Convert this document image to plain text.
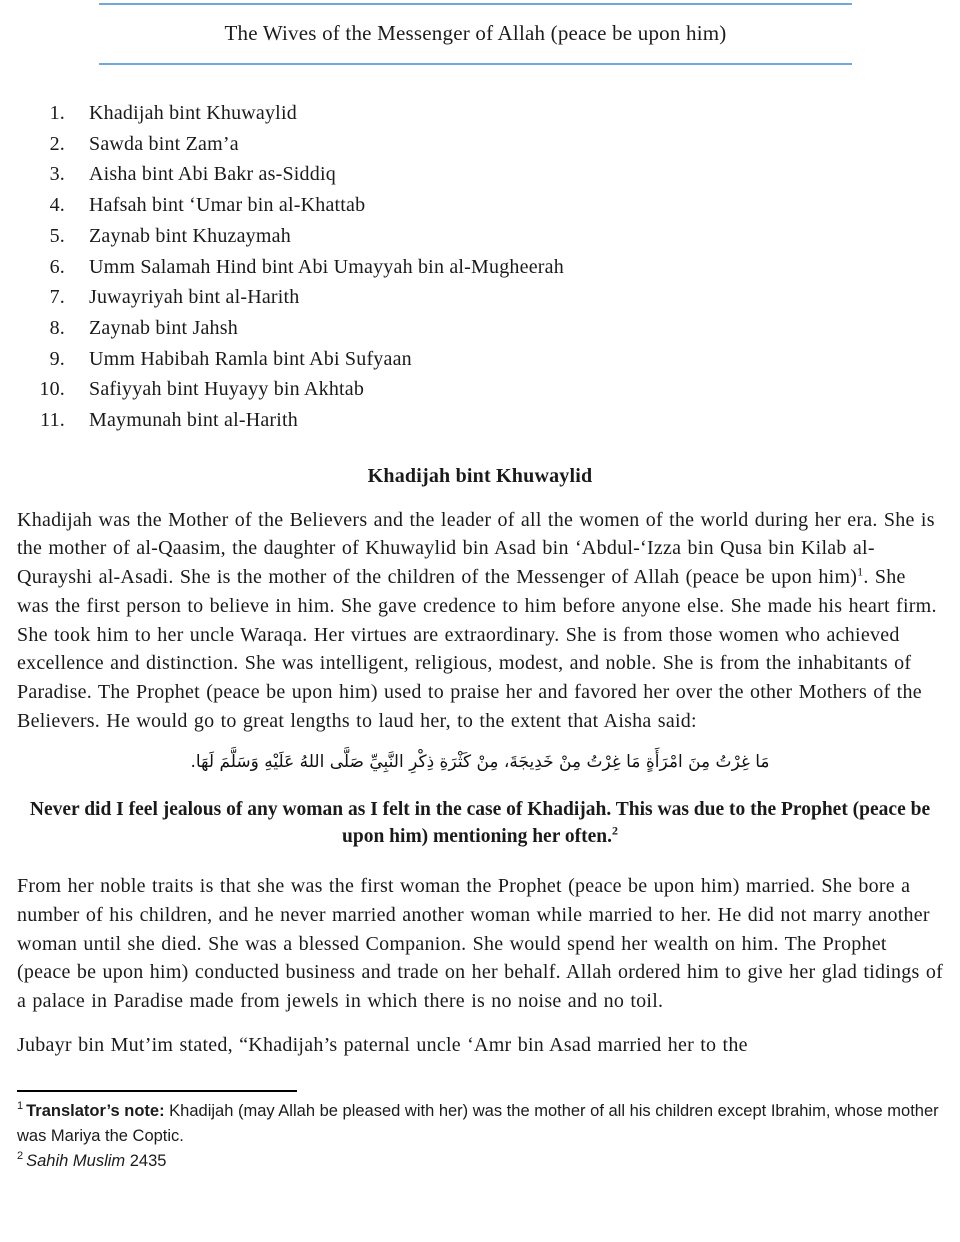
The Wives of the Messenger of Allah (peace be upon him)
1. Khadijah bint Khuwaylid
2. Sawda bint Zam’a
3. Aisha bint Abi Bakr as-Siddiq
4. Hafsah bint ‘Umar bin al-Khattab
5. Zaynab bint Khuzaymah
6. Umm Salamah Hind bint Abi Umayyah bin al-Mugheerah
7. Juwayriyah bint al-Harith
8. Zaynab bint Jahsh
9. Umm Habibah Ramla bint Abi Sufyaan
10. Safiyyah bint Huyayy bin Akhtab
11. Maymunah bint al-Harith
Khadijah bint Khuwaylid

Khadijah was the Mother of the Believers and the leader of all the women of the world during her era. She is the mother of al-Qaasim, the daughter of Khuwaylid bin Asad bin ‘Abdul-‘Izza bin Qusa bin Kilab al-Qurayshi al-Asadi. She is the mother of the children of the Messenger of Allah (peace be upon him)$^1$. She was the first person to believe in him. She gave credence to him before anyone else. She made his heart firm. She took him to her uncle Waraqa. Her virtues are extraordinary. She is from those women who achieved excellence and distinction. She was intelligent, religious, modest, and noble. She is from the inhabitants of Paradise. The Prophet (peace be upon him) used to praise her and favored her over the other Mothers of the Believers. He would go to great lengths to laud her, to the extent that Aisha said:

مَا غِرْتُ مِنَ امْرَأَةٍ مَا غِرْتُ مِنْ خَدِيجَةَ، مِنْ كَثْرَةِ ذِكْرِ النَّبِيِّ صَلَّى اللهُ عَلَيْهِ وَسَلَّمَ لَهَا.

Never did I feel jealous of any woman as I felt in the case of Khadijah. This was due to the Prophet (peace be upon him) mentioning her often.$^2$

From her noble traits is that she was the first woman the Prophet (peace be upon him) married. She bore a number of his children, and he never married another woman while married to her. He did not marry another woman until she died. She was a blessed Companion. She would spend her wealth on him. The Prophet (peace be upon him) conducted business and trade on her behalf. Allah ordered him to give her glad tidings of a palace in Paradise made from jewels in which there is no noise and no toil.

Jubayr bin Mut’im stated, “Khadijah’s paternal uncle ‘Amr bin Asad married her to the

$^1$ Translator’s note: Khadijah (may Allah be pleased with her) was the mother of all his children except Ibrahim, whose mother was Mariya the Coptic.

$^2$ Sahih Muslim 2435
